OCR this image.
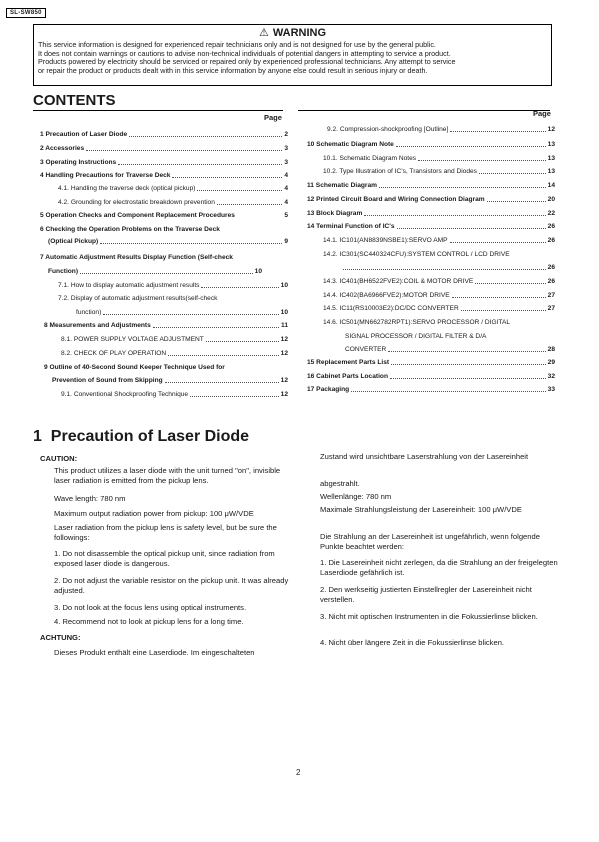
SL-SW850
⚠ WARNING
This service information is designed for experienced repair technicians only and is not designed for use by the general public.
It does not contain warnings or cautions to advise non-technical individuals of potential dangers in attempting to service a product.
Products powered by electricity should be serviced or repaired only by experienced professional technicians. Any attempt to service
or repair the product or products dealt with in this service information by anyone else could result in serious injury or death.
CONTENTS
Page	Page
1 Precaution of Laser Diode	2
2 Accessories	3
3 Operating Instructions	3
4 Handling Precautions for Traverse Deck	4
4.1. Handling the traverse deck (optical pickup)	4
4.2. Grounding for electrostatic breakdown prevention	4
5 Operation Checks and Component Replacement Procedures	5
6 Checking the Operation Problems on the Traverse Deck
(Optical Pickup)	9
7 Automatic Adjustment Results Display Function (Self-check
Function)	10
7.1. How to display automatic adjustment results	10
7.2. Display of automatic adjustment results(self-check
function)	10
8 Measurements and Adjustments	11
8.1. POWER SUPPLY VOLTAGE ADJUSTMENT	12
8.2. CHECK OF PLAY OPERATION	12
9 Outline of 40-Second Sound Keeper Technique Used for
Prevention of Sound from Skipping	12
9.1. Conventional Shockproofing Technique	12
9.2. Compression-shockproofing [Outline]	12
10 Schematic Diagram Note	13
10.1. Schematic Diagram Notes	13
10.2. Type Illustration of IC's, Transistors and Diodes	13
11 Schematic Diagram	14
12 Printed Circuit Board and Wiring Connection Diagram	20
13 Block Diagram	22
14 Terminal Function of IC's	26
14.1. IC101(AN8839NSBE1):SERVO AMP	26
14.2. IC301(SC440324CFU):SYSTEM CONTROL / LCD DRIVE
26
14.3. IC401(BH6522FVE2):COIL & MOTOR DRIVE	26
14.4. IC402(BA6966FVE2):MOTOR DRIVE	27
14.5. IC11(RS10003E2):DC/DC CONVERTER	27
14.6. IC501(MN662782RPT1):SERVO PROCESSOR / DIGITAL
SIGNAL PROCESSOR / DIGITAL FILTER & D/A
CONVERTER	28
15 Replacement Parts List	29
16 Cabinet Parts Location	32
17 Packaging	33
1 Precaution of Laser Diode
CAUTION:
This product utilizes a laser diode with the unit turned "on", invisible laser radiation is emitted from the pickup lens.
Wave length: 780 nm
Maximum output radiation power from pickup: 100 μW/VDE
Laser radiation from the pickup lens is safety level, but be sure the followings:
1. Do not disassemble the optical pickup unit, since radiation from exposed laser diode is dangerous.
2. Do not adjust the variable resistor on the pickup unit. It was already adjusted.
3. Do not look at the focus lens using optical instruments.
4. Recommend not to look at pickup lens for a long time.
ACHTUNG:
Dieses Produkt enthält eine Laserdiode. Im eingeschalteten
Zustand wird unsichtbare Laserstrahlung von der Lasereinheit
abgestrahlt.
Wellenlänge: 780 nm
Maximale Strahlungsleistung der Lasereinheit: 100 μW/VDE
Die Strahlung an der Lasereinheit ist ungefährlich, wenn folgende Punkte beachtet werden:
1. Die Lasereinheit nicht zerlegen, da die Strahlung an der freigelegten Laserdiode gefährlich ist.
2. Den werkseitig justierten Einstellregler der Lasereinheit nicht verstellen.
3. Nicht mit optischen Instrumenten in die Fokussierlinse blicken.
4. Nicht über längere Zeit in die Fokussierlinse blicken.
2
